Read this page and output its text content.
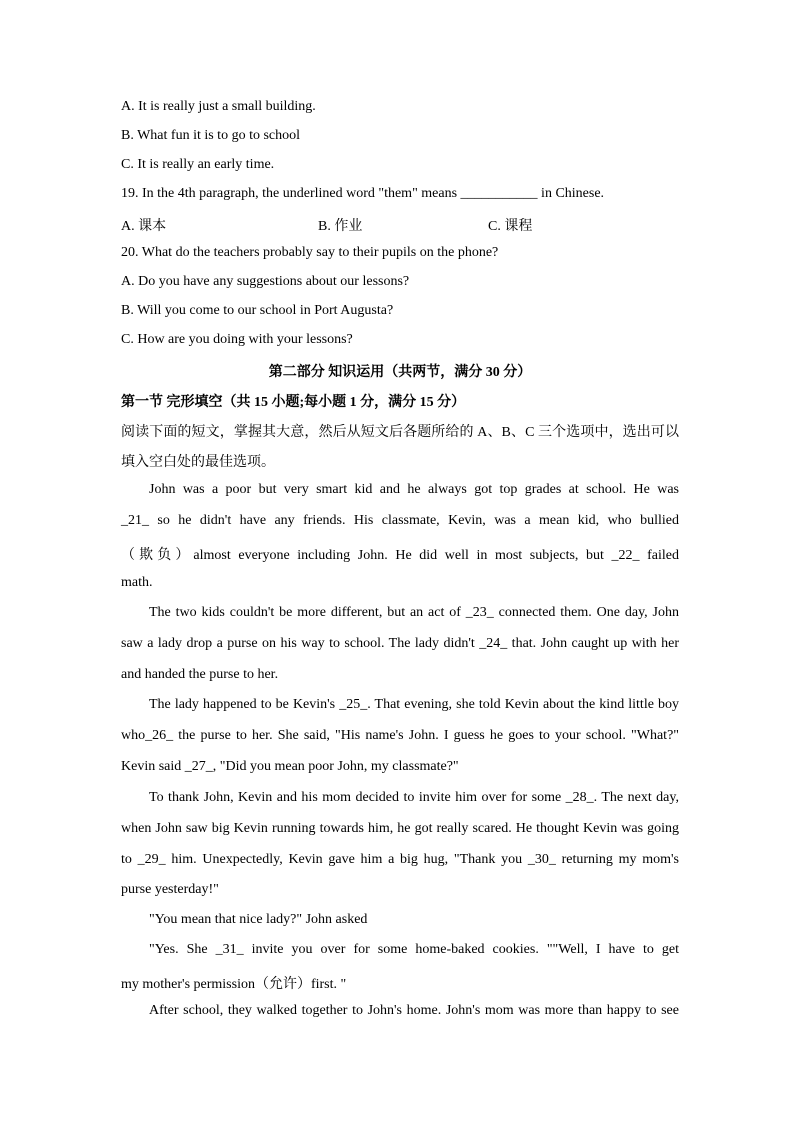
A. It is really just a small building.
B. What fun it is to go to school
C. It is really an early time.
19. In the 4th paragraph, the underlined word "them" means ___________ in Chinese.
A. 课本	B. 作业	C. 课程
20. What do the teachers probably say to their pupils on the phone?
A. Do you have any suggestions about our lessons?
B. Will you come to our school in Port Augusta?
C. How are you doing with your lessons?
第二部分 知识运用（共两节，满分 30 分）
第一节 完形填空（共 15 小题;每小题 1 分，满分 15 分）
阅读下面的短文，掌握其大意，然后从短文后各题所给的 A、B、C 三个选项中，选出可以
填入空白处的最佳选项。
John was a poor but very smart kid and he always got top grades at school. He was
_21_ so he didn't have any friends. His classmate, Kevin, was a mean kid, who bullied
（欺负）almost everyone including John. He did well in most subjects, but _22_ failed
math.
The two kids couldn't be more different, but an act of _23_ connected them. One day, John
saw a lady drop a purse on his way to school. The lady didn't _24_ that. John caught up with her
and handed the purse to her.
The lady happened to be Kevin's _25_. That evening, she told Kevin about the kind little boy
who_26_ the purse to her. She said, "His name's John. I guess he goes to your school. "What?"
Kevin said _27_, "Did you mean poor John, my classmate?"
To thank John, Kevin and his mom decided to invite him over for some _28_. The next day,
when John saw big Kevin running towards him, he got really scared. He thought Kevin was going
to _29_ him. Unexpectedly, Kevin gave him a big hug, "Thank you _30_ returning my mom's
purse yesterday!"
"You mean that nice lady?" John asked
"Yes. She _31_ invite you over for some home-baked cookies. ""Well, I have to get
my mother's permission（允许）first. "
After school, they walked together to John's home. John's mom was more than happy to see
